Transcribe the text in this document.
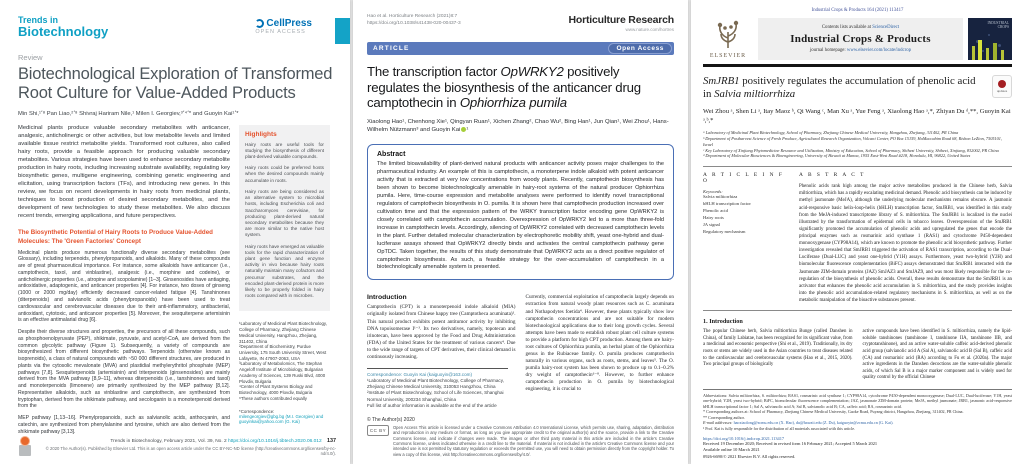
Trends in
Biotechnology
CellPress
OPEN ACCESS
Review
Biotechnological Exploration of Transformed Root Culture for Value-Added Products
Min Shi,¹٬⁸ Pan Liao,²٬⁸ Shivraj Hariram Nile,¹ Milen I. Georgiev,³٬⁴٬* and Guoyin Kai¹٬*
Medicinal plants produce valuable secondary metabolites with anticancer, analgesic, anticholinergic or other activities, but low metabolite levels and limited available tissue restrict metabolite yields. Transformed root cultures, also called hairy roots, provide a feasible approach for producing valuable secondary metabolites. Various strategies have been used to enhance secondary metabolite production in hairy roots, including increasing substrate availability, regulating key biosynthetic genes, multigene engineering, combining genetic engineering and elicitation, using transcription factors (TFs), and introducing new genes. In this review, we focus on recent developments in hairy roots from medicinal plants, techniques to boost production of desired secondary metabolites, and the development of new technologies to study these metabolites. We also discuss recent trends, emerging applications, and future perspectives.
The Biosynthetic Potential of Hairy Roots to Produce Value-Added Molecules: The 'Green Factories' Concept
Medicinal plants produce numerous functionally diverse secondary metabolites (see Glossary), including terpenoids, phenylpropanoids, and alkaloids. Many of these compounds are of great pharmaceutical importance. For instance, some alkaloids have anticancer (i.e., camptothecin, taxol, and vinblastine), analgesic (i.e., morphine and codeine), or anticholinergic properties (i.e., atropine and scopolamine) [1–3]. Ginsenosides have antiaging, antioxidative, adaptogenic, and anticancer properties [4]. For instance, two doses of ginseng (1000 or 2000 mg/day) efficiently decreased cancer-related fatigue [4]. Tanshinones (diterpenoids) and salvianolic acids (phenylpropanoids) have been used to treat cardiovascular and cerebrovascular diseases due to their anti-inflammatory, antibacterial, antioxidant, cytotoxic, and anticancer properties [5]. Moreover, the sesquiterpene artemisinin is an effective antimalarial drug [6].
Despite their diverse structures and properties, the precursors of all these compounds, such as phosphoenolpyruvate (PEP), shikimate, pyruvate, and acetyl-CoA, are derived from the common glycolytic pathway (Figure 1). Subsequently, a variety of compounds are biosynthesized from different biosynthetic pathways. Terpenoids (otherwise known as isoprenoids), a class of natural compounds with ~50 000 different structures, are produced in plants via the cytosolic mevalonate (MVA) and plastidial methylerythritol phosphate (MEP) pathways [7,8]. Sesquiterpenoids (artemisinin) and triterpenoids (ginsenosides) are mainly derived from the MVA pathway [8,9–11], whereas diterpenoids (i.e., tanshinones and taxol) and monoterpenoids (limonene) are primarily synthesized by the MEP pathway [8,12]. Representative alkaloids, such as vinblastine and camptothecin, are synthesized from tryptophan, derived from the shikimate pathway, and secologanin is a monoterpenoid derived from the
MEP pathway [1,13–16]. Phenylpropanoids, such as salvianolic acids, anthocyanin, and catechin, are synthesized from phenylalanine and tyrosine, which are also derived from the shikimate pathway [3,13].
Highlights
Hairy roots are useful tools for studying the biosynthesis of different plant-derived valuable compounds.
Hairy roots could be preferred hosts when the desired compounds mainly accumulate in roots.
Hairy roots are being considered as an alternative system to microbial hosts, including Escherichia coli and Saccharomyces cerevisiae, for producing plant-derived natural secondary metabolites because they are more similar to the native host system.
Hairy roots have emerged as valuable tools for the rapid characterization of plant gene function and enzyme activity in vivo because hairy roots naturally maintain many cofactors and precursor substrates, and the encoded plant-derived protein is more likely to be properly folded in hairy roots compared with in microbes.
¹Laboratory of Medicinal Plant Biotechnology, College of Pharmacy, Zhejiang Chinese Medical University, Hangzhou, Zhejiang, 311402, China
²Department of Biochemistry, Purdue University, 175 South University Street, West Lafayette, IN 47907-2063, USA
³Laboratory of Metabolomics, The Stephan Angeloff Institute of Microbiology, Bulgarian Academy of Sciences, 139 Ruski Blvd, 4000 Plovdiv, Bulgaria
⁴Center of Plant Systems Biology and Biotechnology, 4000 Plovdiv, Bulgaria
⁸These authors contributed equally
*Correspondence:
milengeorgiev@gbg.bg (M.I. Georgiev) and guoyinkai@yahoo.com (G. Kai)
Trends in Biotechnology, February 2021, Vol. 39, No. 2 https://doi.org/10.1016/j.tibtech.2020.06.012 137
© 2020 The Author(s). Published by Elsevier Ltd. This is an open access article under the CC BY-NC-ND license (http://creativecommons.org/licenses/by-nc-nd/4.0/).
Hao et al. Horticulture Research (2021)8:7
https://doi.org/10.1038/s41438-020-00437-3	Horticulture Research
www.nature.com/hortres
ARTICLE	Open Access
The transcription factor OpWRKY2 positively regulates the biosynthesis of the anticancer drug camptothecin in Ophiorrhiza pumila
Xiaolong Hao¹, Chenhong Xie¹, Qingyan Ruan¹, Xichen Zhang², Chao Wu², Bing Han¹, Jun Qian¹, Wei Zhou¹, Hans-Wilhelm Nützmann³ and Guoyin Kai ¹
Abstract
The limited bioavailability of plant-derived natural products with anticancer activity poses major challenges to the pharmaceutical industry. An example of this is camptothecin, a monoterpene indole alkaloid with potent anticancer activity that is extracted at very low concentrations from woody plants. Recently, camptothecin biosynthesis has been shown to become biotechnologically amenable in hairy-root systems of the natural producer Ophiorrhiza pumila. Here, time-course expression and metabolite analyses were performed to identify novel transcriptional regulators of camptothecin biosynthesis in O. pumila. It is shown here that camptothecin production increased over cultivation time and that the expression pattern of the WRKY transcription factor encoding gene OpWRKY2 is closely correlated with camptothecin accumulation. Overexpression of OpWRKY2 led to a more than three-fold increase in camptothecin levels. Accordingly, silencing of OpWRKY2 correlated with decreased camptothecin levels in the plant. Further detailed molecular characterization by electrophoretic mobility shift, yeast one-hybrid and dual-luciferase assays showed that OpWRKY2 directly binds and activates the central camptothecin pathway gene OpTDC. Taken together, the results of this study demonstrate that OpWRKY2 acts as a direct positive regulator of camptothecin biosynthesis. As such, a feasible strategy for the over-accumulation of camptothecin in a biotechnologically amenable system is presented.
Introduction
Camptothecin (CPT) is a monoterpenoid indole alkaloid (MIA) originally isolated from Chinese happy tree (Camptotheca acuminata)¹. This natural product exhibits potent antitumor activity by inhibiting DNA topoisomerase I¹⁻³. Its two derivatives, namely, topotecan and irinotecan, have been approved by the Food and Drug Administration (FDA) of the United States for the treatment of various cancers⁴. Due to the wide range of targets of CPT derivatives, their clinical demand is continuously increasing.
Correspondence: Guoyin Kai (kaiguoyin@163.com)
¹Laboratory of Medicinal Plant Biotechnology, College of Pharmacy, Zhejiang Chinese Medical University, 310053 Hangzhou, China
²Institute of Plant Biotechnology, School of Life Sciences, Shanghai Normal University, 200234 Shanghai, China
Full list of author information is available at the end of the article
Currently, commercial exploitation of camptothecin largely depends on extraction from natural woody plant resources such as C. acuminata and Nothapodytes foetida⁴. However, these plants typically show low camptothecin concentrations and are not suitable for modern biotechnological applications due to their long growth cycles. Several attempts have been made to establish robust plant cell culture systems to provide a platform for high CPT production. Among them are hairy-root cultures of Ophiorrhiza pumila, an herbal plant of the Ophiorrhiza genus in the Rubiaceae family. O. pumila produces camptothecin naturally in various organs, such as roots, stems, and leaves⁵. The O. pumila hairy-root system has been shown to produce up to 0.1–0.2% dry weight of camptothecin⁶⁻⁸. However, to further enhance camptothecin production in O. pumila by biotechnological engineering, it is crucial to
© The Author(s) 2020
CC BY
Open Access This article is licensed under a Creative Commons Attribution 4.0 International License, which permits use, sharing, adaptation, distribution and reproduction in any medium or format, as long as you give appropriate credit to the original author(s) and the source, provide a link to the Creative Commons license, and indicate if changes were made. The images or other third party material in this article are included in the article's Creative Commons license, unless indicated otherwise in a credit line to the material. If material is not included in the article's Creative Commons license and your intended use is not permitted by statutory regulation or exceeds the permitted use, you will need to obtain permission directly from the copyright holder. To view a copy of this license, visit http://creativecommons.org/licenses/by/4.0/.
Industrial Crops & Products 164 (2021) 113417
ELSEVIER
Contents lists available at ScienceDirect
Industrial Crops & Products
journal homepage: www.elsevier.com/locate/indcrop
INDUSTRIAL CROPS
SmJRB1 positively regulates the accumulation of phenolic acid in Salvia miltiorrhiza	updates
Wei Zhou ᵃ, Shen Li ᵃ, Itay Maoz ᵇ, Qi Wang ᶜ, Man Xu ᵃ, Yue Feng ᵃ, Xiaolong Hao ᵃ,*, Zhiyan Du ᵈ,**, Guoyin Kai ᵃ,ᵇ,*
ᵃ Laboratory of Medicinal Plant Biotechnology, School of Pharmacy, Zhejiang Chinese Medical University, Hangzhou, Zhejiang, 311402, PR China
ᵇ Department of Postharvest Science of Fresh Produce, Agricultural Research Organization, Volcani Center, PO Box 15159, HaMaccabim Road 68, Rishon LeZion, 7505101, Israel
ᶜ Key Laboratory of Xinjiang Phytomedicine Resource and Utilization, Ministry of Education, School of Pharmacy, Shihezi University, Shihezi, Xinjiang, 832002, PR China
ᵈ Department of Molecular Biosciences & Bioengineering, University of Hawaii at Manoa, 1955 East-West Road #218, Honolulu, HI, 96822, United States
A R T I C L E I N F O
Keywords:
Salvia miltiorrhiza
bHLH transcription factor
Phenolic acid
Hairy roots
JA signal
Regulatory mechanism
A B S T R A C T
Phenolic acids rank high among the major active metabolites produced in the Chinese herb, Salvia miltiorrhiza, which has a rapidly escalating medicinal demand. Phenolic acid biosynthesis can be induced by methyl jasmonate (MeJA), although the underlying molecular mechanisms remains obscure. A jasmonic acid-responsive basic helix-loop-helix (bHLH) transcription factor, SmJRB1, was identified in this study from the MeJA-induced transcriptome library of S. miltiorrhiza. The SmJRB1 is localized in the nuclei illustrated by the transformation of epidermal cells in tobacco leaves. Overexpression of the SmJRB1 significantly promoted the accumulation of phenolic acids and upregulated the genes that encode the principal enzymes such as rosmarinic acid synthase 1 (RAS1) and cytochrome P450-dependent monooxygenase (CYP98A14), which are known to promote the phenolic acid biosynthetic pathway. Further investigation revealed that SmJRB1 triggered the activation of RAS1 transcription, according to the Dual-Luciferase (Dual-LUC) and yeast one-hybrid (Y1H) assays. Furthermore, yeast two-hybrid (Y2H) and biomolecular fluorescence complementation (BiFC) assays demonstrated that SmJRB1 interacted with the Jasmonate ZIM-domain proteins (JAZ) SmJAZ3 and SmJAZ9, and was most likely responsible for the co-regulation of the biosynthesis of phenolic acids. Overall, these results demonstrate that the SmJRB1 is an activator that enhances the phenolic acid accumulation in S. miltiorrhiza, and the study provides insights into the phenolic acid accumulation-related regulatory mechanisms in S. miltiorrhiza, as well as on the metabolic manipulation of the bioactive substances present.
1. Introduction
The popular Chinese herb, Salvia miltiorrhiza Bunge (called Danshen in China), of family Labiatae, has been recognized for its significant value, from a medicinal and economic perspective (Shi et al., 2019). Traditionally, its dry roots or stems are widely used in the Asian countries to treat diseases related to the cardiovascular and cerebrovascular systems (Hao et al., 2015, 2020). Two principal groups of biologically
active compounds have been identified in S. miltiorrhiza, namely the lipid-soluble tanshinones (tanshinone I, tanshinone IIA, tanshinone IIB, and cryptotanshinone), and an active water-soluble caffeic acid-derived phenolic acid group (salvianolic acid A (Sal A), salvianolic acid B (Sal B), caffeic acid (CA) and rosmarinic acid (RA) according to Fu et al. (2020a). The major active ingredients in the Danshen decoctions are the water-soluble phenolic acids, of which Sal B is a major marker component and is widely used for quality control by the official Chinese
Abbreviations: Salvia miltiorrhiza, S. miltiorrhiza; RAS1, rosmarinic acid synthase 1; CYP98A14, cytochrome P450-dependent monooxygenase; Dual-LUC, Dual-luciferase; Y1H, yeast one-hybrid; Y2H, yeast two-hybrid; BiFC, biomolecular fluorescence complementation; JAZ, jasmonate ZIM-domain protein; MeJA, methyl jasmonate; JRB1, jasmonic acid-responsive bHLH transcriptional factor 1; Sal A, salvianolic acid A; Sal B, salvianolic acid B; CA, caffeic acid; RA, rosmarinic acid.
* Corresponding authors at: School of Pharmacy, Zhejiang Chinese Medical University, Gaoke Road, Puyang district, Hangzhou, Zhejiang, 311402, PR China.
** Corresponding author.
E-mail addresses: haoxiaolong@zcmu.edu.cn (X. Hao), du@hawaii.edu (Z. Du), kaiguoyin@zcmu.edu.cn (G. Kai).
¹ Prof. Kai is fully responsible for the distribution of all materials associated with this article.
https://doi.org/10.1016/j.indcrop.2021.113417
Received 19 December 2020; Received in revised form 16 February 2021; Accepted 5 March 2021
Available online 10 March 2021
0926-6690/© 2021 Elsevier B.V. All rights reserved.
